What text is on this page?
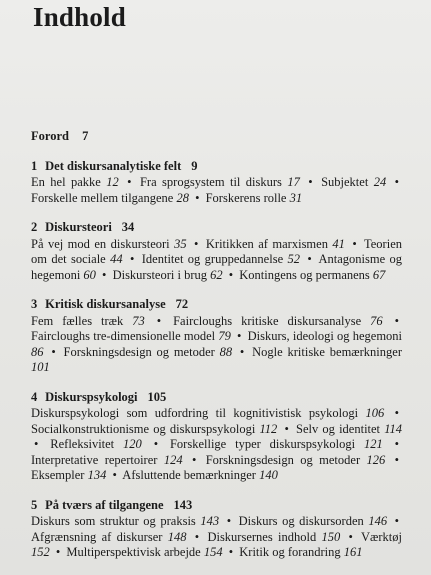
Indhold
Forord 7
1 Det diskursanalytiske felt 9
En hel pakke 12 • Fra sprogsystem til diskurs 17 • Subjektet 24 • Forskelle mellem tilgangene 28 • Forskerens rolle 31
2 Diskursteori 34
På vej mod en diskursteori 35 • Kritikken af marxismen 41 • Teorien om det sociale 44 • Identitet og gruppedannelse 52 • Antagonisme og hegemoni 60 • Diskursteori i brug 62 • Kontingens og permanens 67
3 Kritisk diskursanalyse 72
Fem fælles træk 73 • Faircloughs kritiske diskursanalyse 76 • Faircloughs tre-dimensionelle model 79 • Diskurs, ideologi og hegemoni 86 • Forskningsdesign og metoder 88 • Nogle kritiske bemærkninger 101
4 Diskurspsykologi 105
Diskurspsykologi som udfordring til kognitivistisk psykologi 106 • Socialkonstruktionisme og diskurspsykologi 112 • Selv og identitet 114 • Refleksivitet 120 • Forskellige typer diskurspsykologi 121 • Interpretative repertoirer 124 • Forskningsdesign og metoder 126 • Eksempler 134 • Afsluttende bemærkninger 140
5 På tværs af tilgangene 143
Diskurs som struktur og praksis 143 • Diskurs og diskursorden 146 • Afgrænsning af diskurser 148 • Diskursernes indhold 150 • Værktøj 152 • Multiperspektivisk arbejde 154 • Kritik og forandring 161
